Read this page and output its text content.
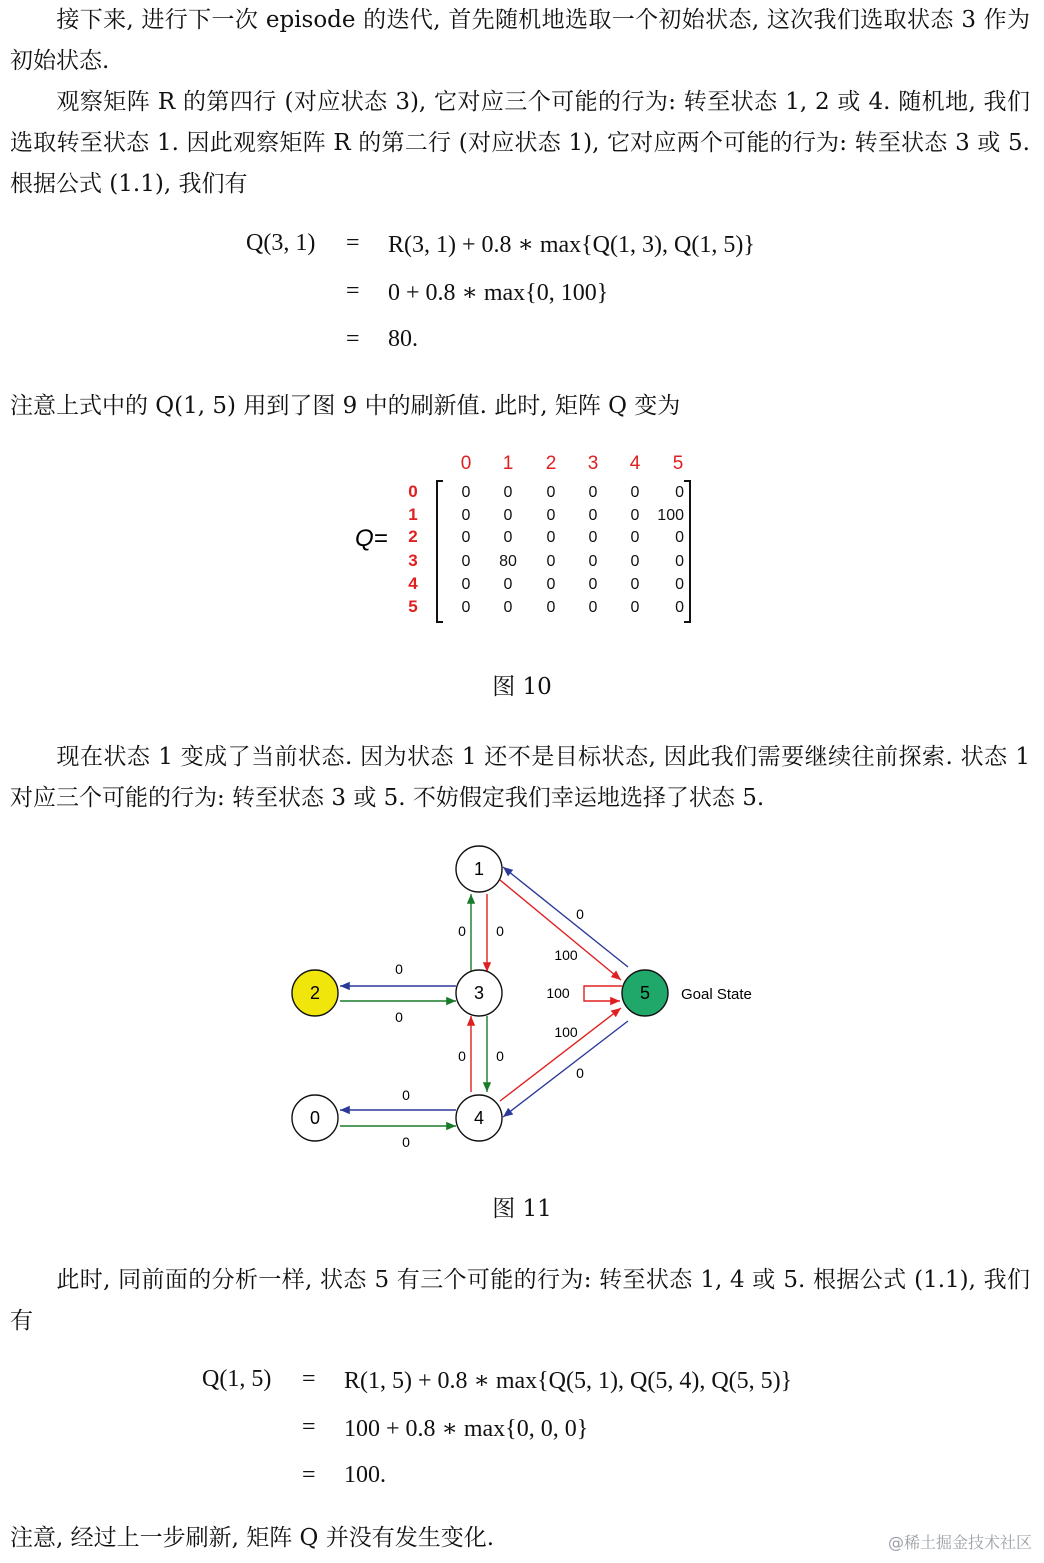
接下来, 进行下一次 episode 的迭代, 首先随机地选取一个初始状态, 这次我们选取状态 3 作为初始状态.
观察矩阵 R 的第四行 (对应状态 3), 它对应三个可能的行为: 转至状态 1, 2 或 4. 随机地, 我们选取转至状态 1. 因此观察矩阵 R 的第二行 (对应状态 1), 它对应两个可能的行为: 转至状态 3 或 5. 根据公式 (1.1), 我们有
Q(3, 1) = R(3, 1) + 0.8 ∗ max{Q(1, 3), Q(1, 5)}
= 0 + 0.8 ∗ max{0, 100}
= 80.
注意上式中的 Q(1, 5) 用到了图 9 中的刷新值. 此时, 矩阵 Q 变为
Q=
0 1 2 3 4 5
0
1
2
3
4
5
0 0 0 0 0 0
0 0 0 0 0 100
0 0 0 0 0 0
0 80 0 0 0 0
0 0 0 0 0 0
0 0 0 0 0 0
图 10
现在状态 1 变成了当前状态. 因为状态 1 还不是目标状态, 因此我们需要继续往前探索. 状态 1 对应三个可能的行为: 转至状态 3 或 5. 不妨假定我们幸运地选择了状态 5.
1
2	3	5
0	4
Goal State
0 0
0
0
0 0
0
0
0
0
100
100
100
图 11
此时, 同前面的分析一样, 状态 5 有三个可能的行为: 转至状态 1, 4 或 5. 根据公式 (1.1), 我们有
Q(1, 5) = R(1, 5) + 0.8 ∗ max{Q(5, 1), Q(5, 4), Q(5, 5)}
= 100 + 0.8 ∗ max{0, 0, 0}
= 100.
注意, 经过上一步刷新, 矩阵 Q 并没有发生变化.	@稀土掘金技术社区
